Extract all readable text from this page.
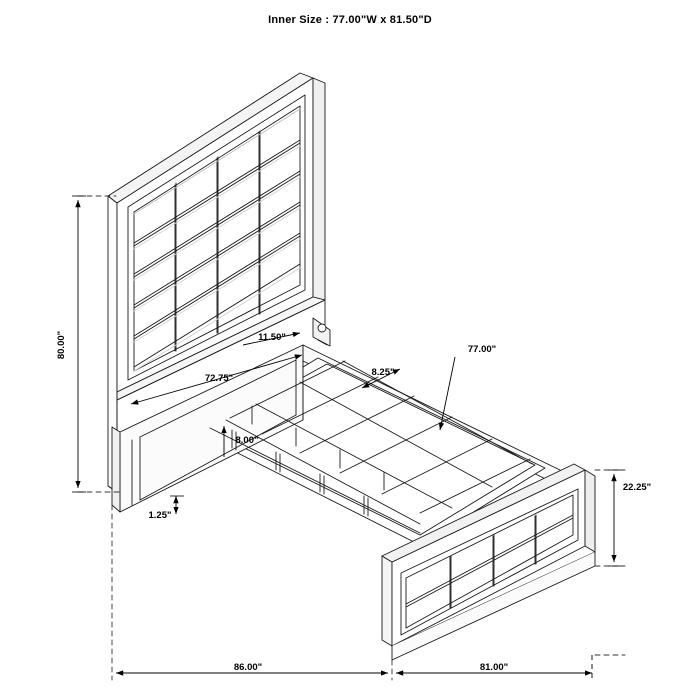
Inner Size : 77.00"W x 81.50"D
80.00"	11.50"
72.75"
8.25"
77.00"
8.00"
1.25"
22.25"
86.00"	81.00"
